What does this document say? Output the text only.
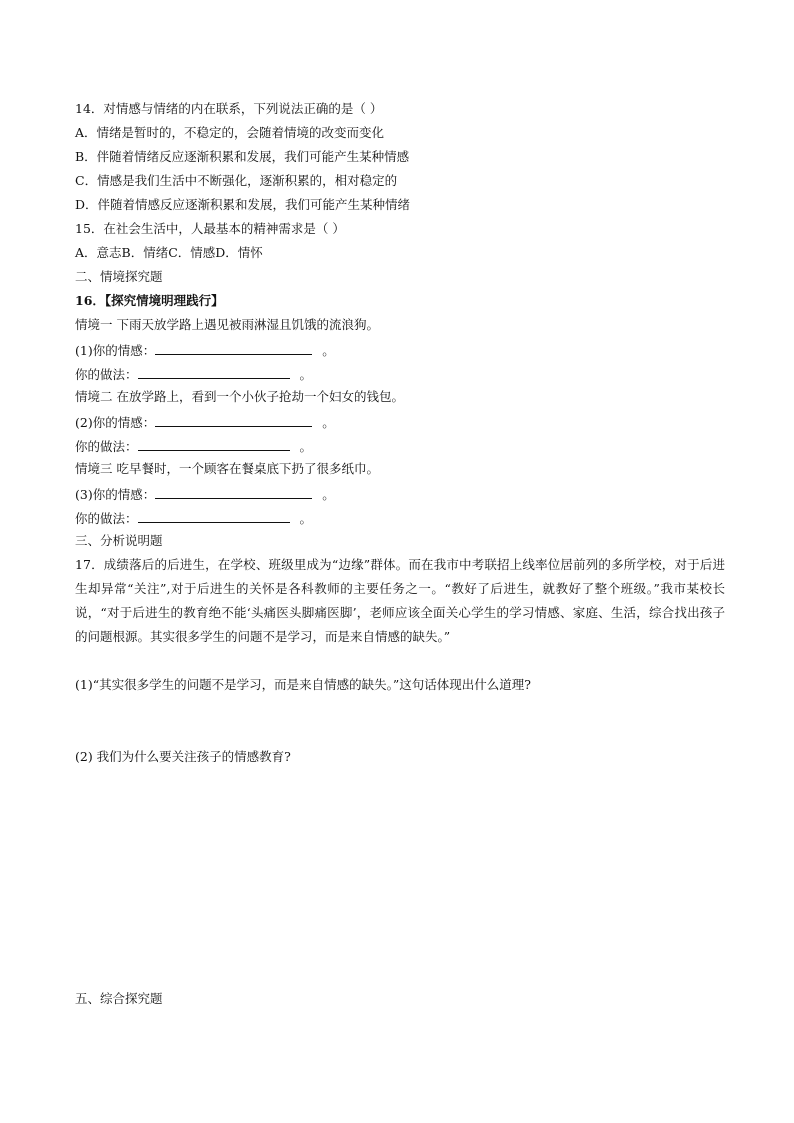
14．对情感与情绪的内在联系，下列说法正确的是（ ）
A．情绪是暂时的，不稳定的，会随着情境的改变而变化
B．伴随着情绪反应逐渐积累和发展，我们可能产生某种情感
C．情感是我们生活中不断强化，逐渐积累的，相对稳定的
D．伴随着情感反应逐渐积累和发展，我们可能产生某种情绪
15．在社会生活中，人最基本的精神需求是（ ）
A．意志B．情绪C．情感D．情怀
二、情境探究题
16．【探究情境明理践行】
情境一 下雨天放学路上遇见被雨淋湿且饥饿的流浪狗。
(1)你的情感：	。
你的做法：	。
情境二 在放学路上，看到一个小伙子抢劫一个妇女的钱包。
(2)你的情感：	。
你的做法：	。
情境三 吃早餐时，一个顾客在餐桌底下扔了很多纸巾。
(3)你的情感：	。
你的做法：	。
三、分析说明题
17．成绩落后的后进生，在学校、班级里成为“边缘”群体。而在我市中考联招上线率位居前列的多所学校，对于后进生却异常“关注”,对于后进生的关怀是各科教师的主要任务之一。“教好了后进生，就教好了整个班级。”我市某校长说，“对于后进生的教育绝不能‘头痛医头脚痛医脚’，老师应该全面关心学生的学习情感、家庭、生活，综合找出孩子的问题根源。其实很多学生的问题不是学习，而是来自情感的缺失。”
(1)“其实很多学生的问题不是学习，而是来自情感的缺失。”这句话体现出什么道理?
(2) 我们为什么要关注孩子的情感教育?
五、综合探究题
